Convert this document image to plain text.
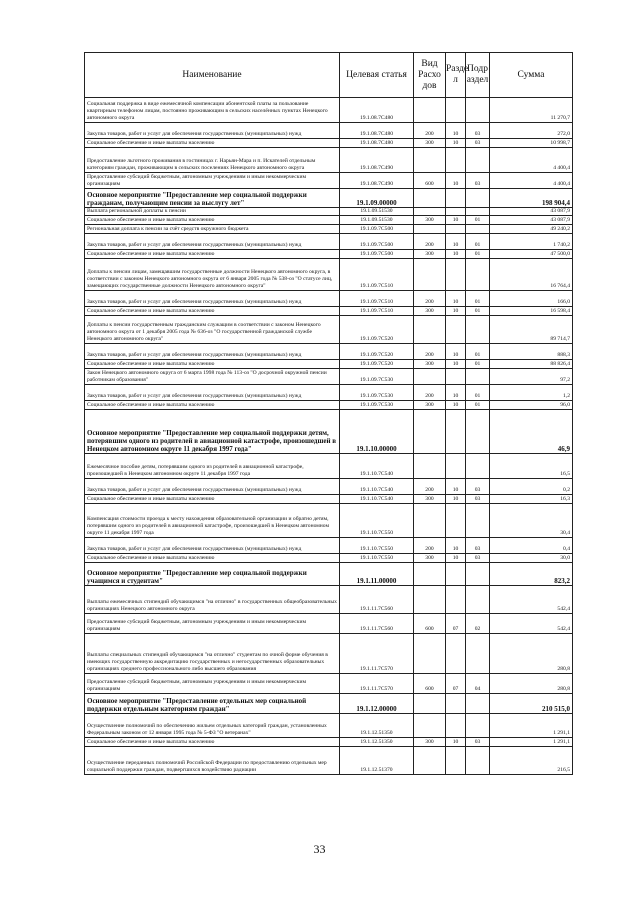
Наименование	Целевая статья	Вид Расхо дов	Разде л	Подр аздел	Сумма
Социальная поддержка в виде ежемесячной компенсации абонентской платы за пользование квартирным телефоном лицам, постоянно проживающим в сельских населённых пунктах Ненецкого автономного округа	19.1.08.7С480				11 270,7
Закупка товаров, работ и услуг для обеспечения государственных (муниципальных) нужд	19.1.08.7С480	200	10	03	272,0
Социальное обеспечение и иные выплаты населению	19.1.08.7С480	300	10	03	10 998,7
Предоставление льготного проживания в гостиницах г. Нарьян-Мара и п. Искателей отдельным категориям граждан, проживающим в сельских поселениях Ненецкого автономного округа	19.1.08.7С490				4 400,4
Предоставление субсидий бюджетным, автономным учреждениям и иным некоммерческим организациям	19.1.08.7С490	600	10	03	4 400,4
Основное мероприятие "Предоставление мер социальной поддержки гражданам, получающим пенсии за выслугу лет"	19.1.09.00000				198 904,4
Выплата региональной доплаты к пенсии	19.1.09.51530				43 087,9
Социальное обеспечение и иные выплаты населению	19.1.09.51530	300	10	01	43 087,9
Региональная доплата к пенсии за счёт средств окружного бюджета	19.1.09.7С500				49 240,2
Закупка товаров, работ и услуг для обеспечения государственных (муниципальных) нужд	19.1.09.7С500	200	10	01	1 740,2
Социальное обеспечение и иные выплаты населению	19.1.09.7С500	300	10	01	47 500,0
Доплаты к пенсии лицам, замещавшим государственные должности Ненецкого автономного округа, в соответствии с законом Ненецкого автономного округа от 6 января 2005 года № 538-оз "О статусе лиц, замещающих государственные должности Ненецкого автономного округа"	19.1.09.7С510				16 764,4
Закупка товаров, работ и услуг для обеспечения государственных (муниципальных) нужд	19.1.09.7С510	200	10	01	166,0
Социальное обеспечение и иные выплаты населению	19.1.09.7С510	300	10	01	16 598,4
Доплаты к пенсии государственным гражданским служащим в соответствии с законом Ненецкого автономного округа от 1 декабря 2005 года № 636-оз "О государственной гражданской службе Ненецкого автономного округа"	19.1.09.7С520				89 714,7
Закупка товаров, работ и услуг для обеспечения государственных (муниципальных) нужд	19.1.09.7С520	200	10	01	888,3
Социальное обеспечение и иные выплаты населению	19.1.09.7С520	300	10	01	88 826,4
Закон Ненецкого автономного округа от 6 марта 1998 года № 113-оз "О досрочной окружной пенсии работникам образования"	19.1.09.7С530				97,2
Закупка товаров, работ и услуг для обеспечения государственных (муниципальных) нужд	19.1.09.7С530	200	10	01	1,2
Социальное обеспечение и иные выплаты населению	19.1.09.7С530	300	10	01	96,0
Основное мероприятие "Предоставление мер социальной поддержки детям, потерявшим одного из родителей в авиационной катастрофе, произошедшей в Ненецком автономном округе 11 декабря 1997 года"	19.1.10.00000				46,9
Ежемесячное пособие детям, потерявшим одного из родителей в авиационной катастрофе, произошедшей в Ненецком автономном округе 11 декабря 1997 года	19.1.10.7С540				16,5
Закупка товаров, работ и услуг для обеспечения государственных (муниципальных) нужд	19.1.10.7С540	200	10	03	0,2
Социальное обеспечение и иные выплаты населению	19.1.10.7С540	300	10	03	16,3
Компенсация стоимости проезда к месту нахождения образовательной организации и обратно детям, потерявшим одного из родителей в авиационной катастрофе, произошедшей в Ненецком автономном округе 11 декабря 1997 года	19.1.10.7С550				30,4
Закупка товаров, работ и услуг для обеспечения государственных (муниципальных) нужд	19.1.10.7С550	200	10	03	0,4
Социальное обеспечение и иные выплаты населению	19.1.10.7С550	300	10	03	30,0
Основное мероприятие "Предоставление мер социальной поддержки учащимся и студентам"	19.1.11.00000				823,2
Выплаты ежемесячных стипендий обучающимся "на отлично" в государственных общеобразовательных организациях Ненецкого автономного округа	19.1.11.7С560				542,4
Предоставление субсидий бюджетным, автономным учреждениям и иным некоммерческим организациям	19.1.11.7С560	600	07	02	542,4
Выплаты специальных стипендий обучающимся "на отлично" студентам по очной форме обучения в имеющих государственную аккредитацию государственных и негосударственных образовательных организациях среднего профессионального либо высшего образования	19.1.11.7С570				280,8
Предоставление субсидий бюджетным, автономным учреждениям и иным некоммерческим организациям	19.1.11.7С570	600	07	04	280,8
Основное мероприятие "Предоставление отдельных мер социальной поддержки отдельным категориям граждан"	19.1.12.00000				210 515,0
Осуществление полномочий по обеспечению жильем отдельных категорий граждан, установленных Федеральным законом от 12 января 1995 года № 5-ФЗ "О ветеранах"	19.1.12.51350				1 291,1
Социальное обеспечение и иные выплаты населению	19.1.12.51350	300	10	03	1 291,1
Осуществление переданных полномочий Российской Федерации по предоставлению отдельных мер социальной поддержки граждан, подвергшихся воздействию радиации	19.1.12.51370				216,5
33
